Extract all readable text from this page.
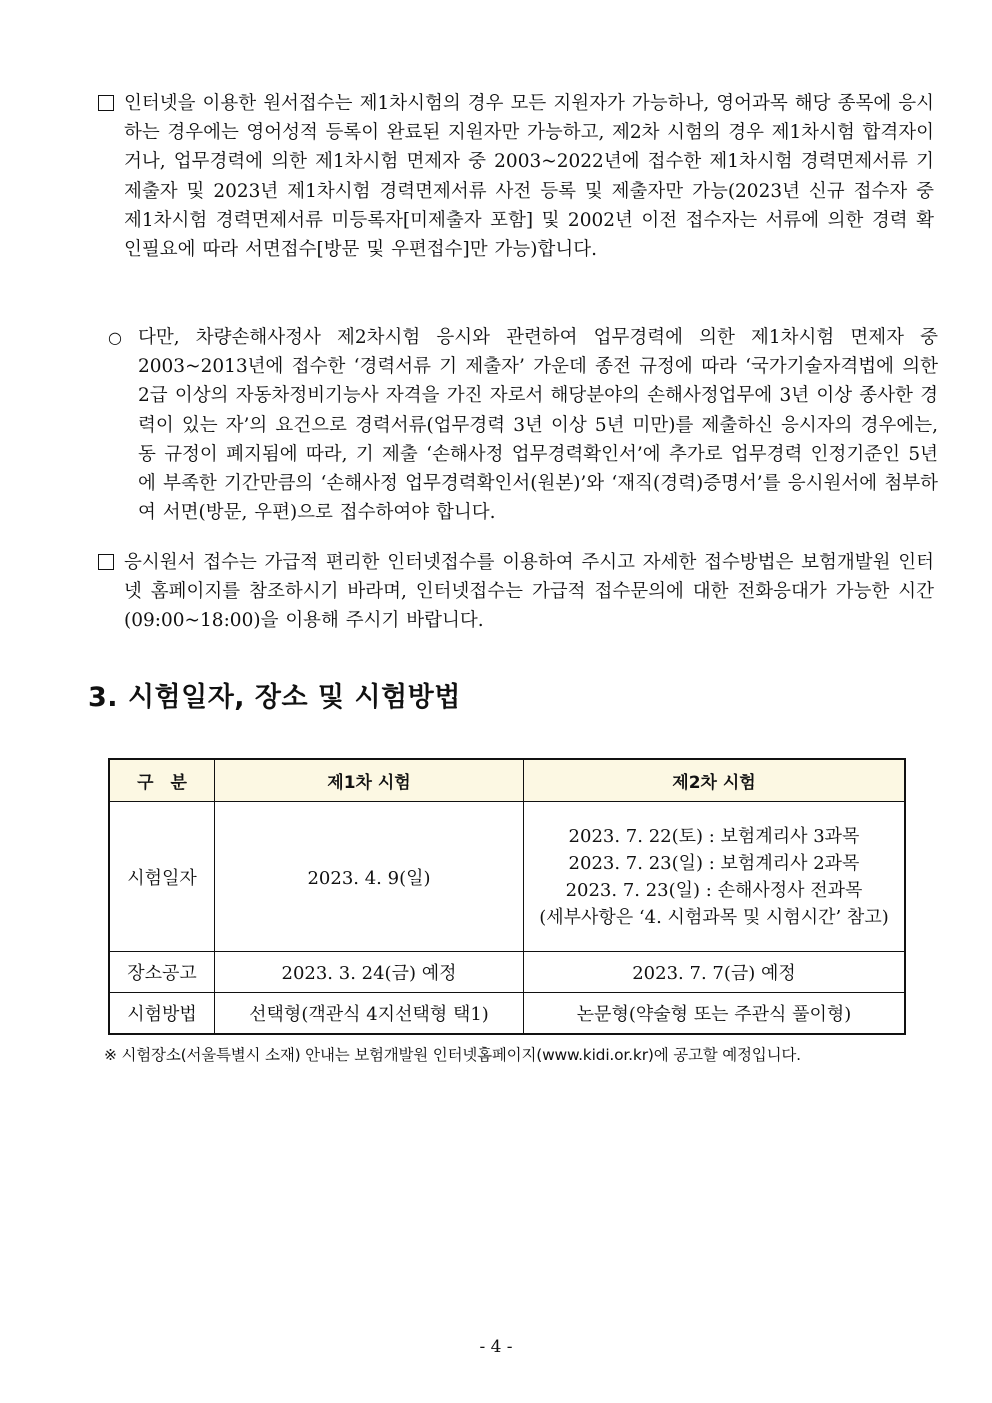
인터넷을 이용한 원서접수는 제1차시험의 경우 모든 지원자가 가능하나, 영어과목 해당 종목에 응시하는 경우에는 영어성적 등록이 완료된 지원자만 가능하고, 제2차 시험의 경우 제1차시험 합격자이거나, 업무경력에 의한 제1차시험 면제자 중 2003~2022년에 접수한 제1차시험 경력면제서류 기 제출자 및 2023년 제1차시험 경력면제서류 사전 등록 및 제출자만 가능(2023년 신규 접수자 중 제1차시험 경력면제서류 미등록자[미제출자 포함] 및 2002년 이전 접수자는 서류에 의한 경력 확인필요에 따라 서면접수[방문 및 우편접수]만 가능)합니다.
○ 다만, 차량손해사정사 제2차시험 응시와 관련하여 업무경력에 의한 제1차시험 면제자 중 2003~2013년에 접수한 ‘경력서류 기 제출자’ 가운데 종전 규정에 따라 ‘국가기술자격법에 의한 2급 이상의 자동차정비기능사 자격을 가진 자로서 해당분야의 손해사정업무에 3년 이상 종사한 경력이 있는 자’의 요건으로 경력서류(업무경력 3년 이상 5년 미만)를 제출하신 응시자의 경우에는, 동 규정이 폐지됨에 따라, 기 제출 ‘손해사정 업무경력확인서’에 추가로 업무경력 인정기준인 5년에 부족한 기간만큼의 ‘손해사정 업무경력확인서(원본)’와 ‘재직(경력)증명서’를 응시원서에 첨부하여 서면(방문, 우편)으로 접수하여야 합니다.
응시원서 접수는 가급적 편리한 인터넷접수를 이용하여 주시고 자세한 접수방법은 보험개발원 인터넷 홈페이지를 참조하시기 바라며, 인터넷접수는 가급적 접수문의에 대한 전화응대가 가능한 시간(09:00~18:00)을 이용해 주시기 바랍니다.
3. 시험일자, 장소 및 시험방법
구　분	제1차 시험	제2차 시험
시험일자	2023. 4. 9(일)	2023. 7. 22(토) : 보험계리사 3과목
2023. 7. 23(일) : 보험계리사 2과목
2023. 7. 23(일) : 손해사정사 전과목
(세부사항은 ‘4. 시험과목 및 시험시간’ 참고)

장소공고	2023. 3. 24(금) 예정	2023. 7. 7(금) 예정
시험방법	선택형(객관식 4지선택형 택1)	논문형(약술형 또는 주관식 풀이형)
※ 시험장소(서울특별시 소재) 안내는 보험개발원 인터넷홈페이지(www.kidi.or.kr)에 공고할 예정입니다.
- 4 -
